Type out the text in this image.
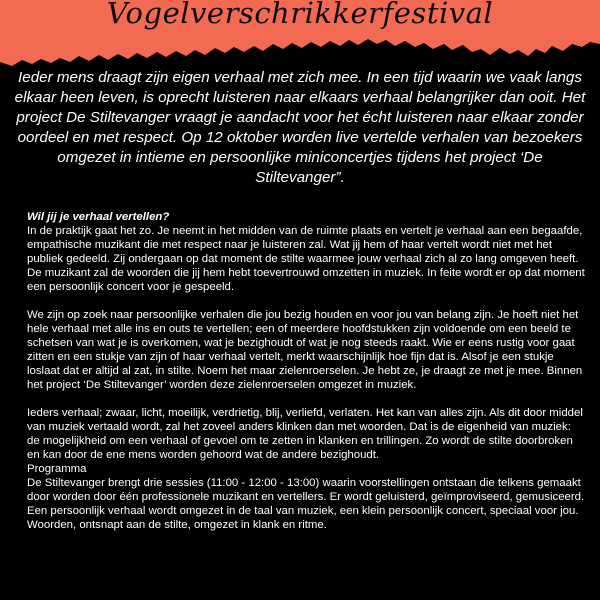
Vogelverschrikkerfestival

Ieder mens draagt zijn eigen verhaal met zich mee. In een tijd waarin we vaak langs elkaar heen leven, is oprecht luisteren naar elkaars verhaal belangrijker dan ooit. Het project De Stiltevanger vraagt je aandacht voor het écht luisteren naar elkaar zonder oordeel en met respect. Op 12 oktober worden live vertelde verhalen van bezoekers omgezet in intieme en persoonlijke miniconcertjes tijdens het project ‘De Stiltevanger”.

Wil jij je verhaal vertellen?

In de praktijk gaat het zo. Je neemt in het midden van de ruimte plaats en vertelt je verhaal aan een begaafde, empathische muzikant die met respect naar je luisteren zal. Wat jij hem of haar vertelt wordt niet met het publiek gedeeld. Zij ondergaan op dat moment de stilte waarmee jouw verhaal zich al zo lang omgeven heeft. De muzikant zal de woorden die jij hem hebt toevertrouwd omzetten in muziek. In feite wordt er op dat moment een persoonlijk concert voor je gespeeld.

We zijn op zoek naar persoonlijke verhalen die jou bezig houden en voor jou van belang zijn. Je hoeft niet het hele verhaal met alle ins en outs te vertellen; een of meerdere hoofdstukken zijn voldoende om een beeld te schetsen van wat je is overkomen, wat je bezighoudt of wat je nog steeds raakt. Wie er eens rustig voor gaat zitten en een stukje van zijn of haar verhaal vertelt, merkt waarschijnlijk hoe fijn dat is. Alsof je een stukje loslaat dat er altijd al zat, in stilte. Noem het maar zielenroerselen. Je hebt ze, je draagt ze met je mee. Binnen het project ‘De Stiltevanger’ worden deze zielenroerselen omgezet in muziek.

Ieders verhaal; zwaar, licht, moeilijk, verdrietig, blij, verliefd, verlaten. Het kan van alles zijn. Als dit door middel van muziek vertaald wordt, zal het zoveel anders klinken dan met woorden. Dat is de eigenheid van muziek: de mogelijkheid om een verhaal of gevoel om te zetten in klanken en trillingen. Zo wordt de stilte doorbroken en kan door de ene mens worden gehoord wat de andere bezighoudt.

Programma

De Stiltevanger brengt drie sessies (11:00 - 12:00 - 13:00) waarin voorstellingen ontstaan die telkens gemaakt door worden door één professionele muzikant en vertellers. Er wordt geluisterd, geïmproviseerd, gemusiceerd. Een persoonlijk verhaal wordt omgezet in de taal van muziek, een klein persoonlijk concert, speciaal voor jou. Woorden, ontsnapt aan de stilte, omgezet in klank en ritme.
